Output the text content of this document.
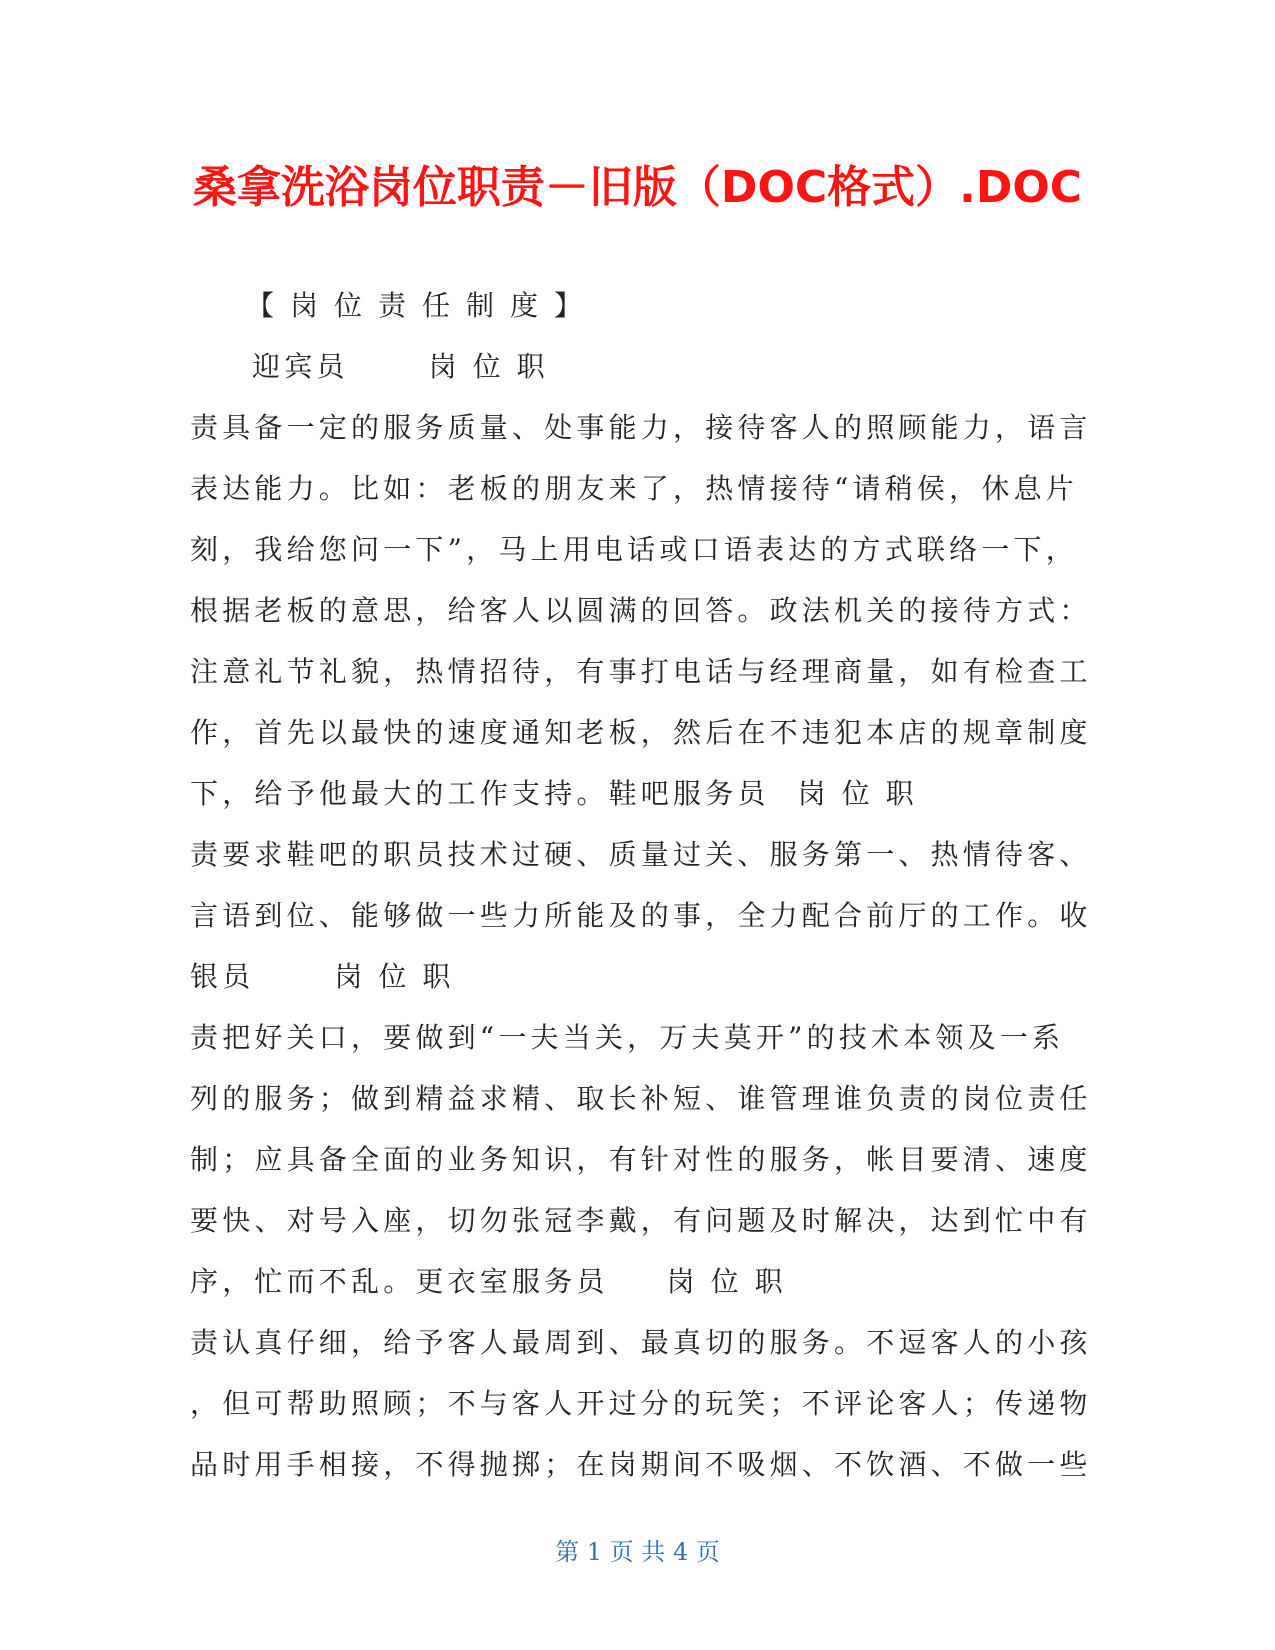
桑拿洗浴岗位职责－旧版（DOC格式）.DOC
【岗位责任制度】
迎宾员	岗位职
责具备一定的服务质量、处事能力，接待客人的照顾能力，语言
表达能力。比如：老板的朋友来了，热情接待“请稍侯，休息片
刻，我给您问一下”，马上用电话或口语表达的方式联络一下，
根据老板的意思，给客人以圆满的回答。政法机关的接待方式：
注意礼节礼貌，热情招待，有事打电话与经理商量，如有检查工
作，首先以最快的速度通知老板，然后在不违犯本店的规章制度
下，给予他最大的工作支持。鞋吧服务员 岗位职
责要求鞋吧的职员技术过硬、质量过关、服务第一、热情待客、
言语到位、能够做一些力所能及的事，全力配合前厅的工作。收
银员	岗位职
责把好关口，要做到“一夫当关，万夫莫开”的技术本领及一系
列的服务；做到精益求精、取长补短、谁管理谁负责的岗位责任
制；应具备全面的业务知识，有针对性的服务，帐目要清、速度
要快、对号入座，切勿张冠李戴，有问题及时解决，达到忙中有
序，忙而不乱。更衣室服务员 岗位职
责认真仔细，给予客人最周到、最真切的服务。不逗客人的小孩
，但可帮助照顾；不与客人开过分的玩笑；不评论客人；传递物
品时用手相接，不得抛掷；在岗期间不吸烟、不饮酒、不做一些
第 1 页 共 4 页
